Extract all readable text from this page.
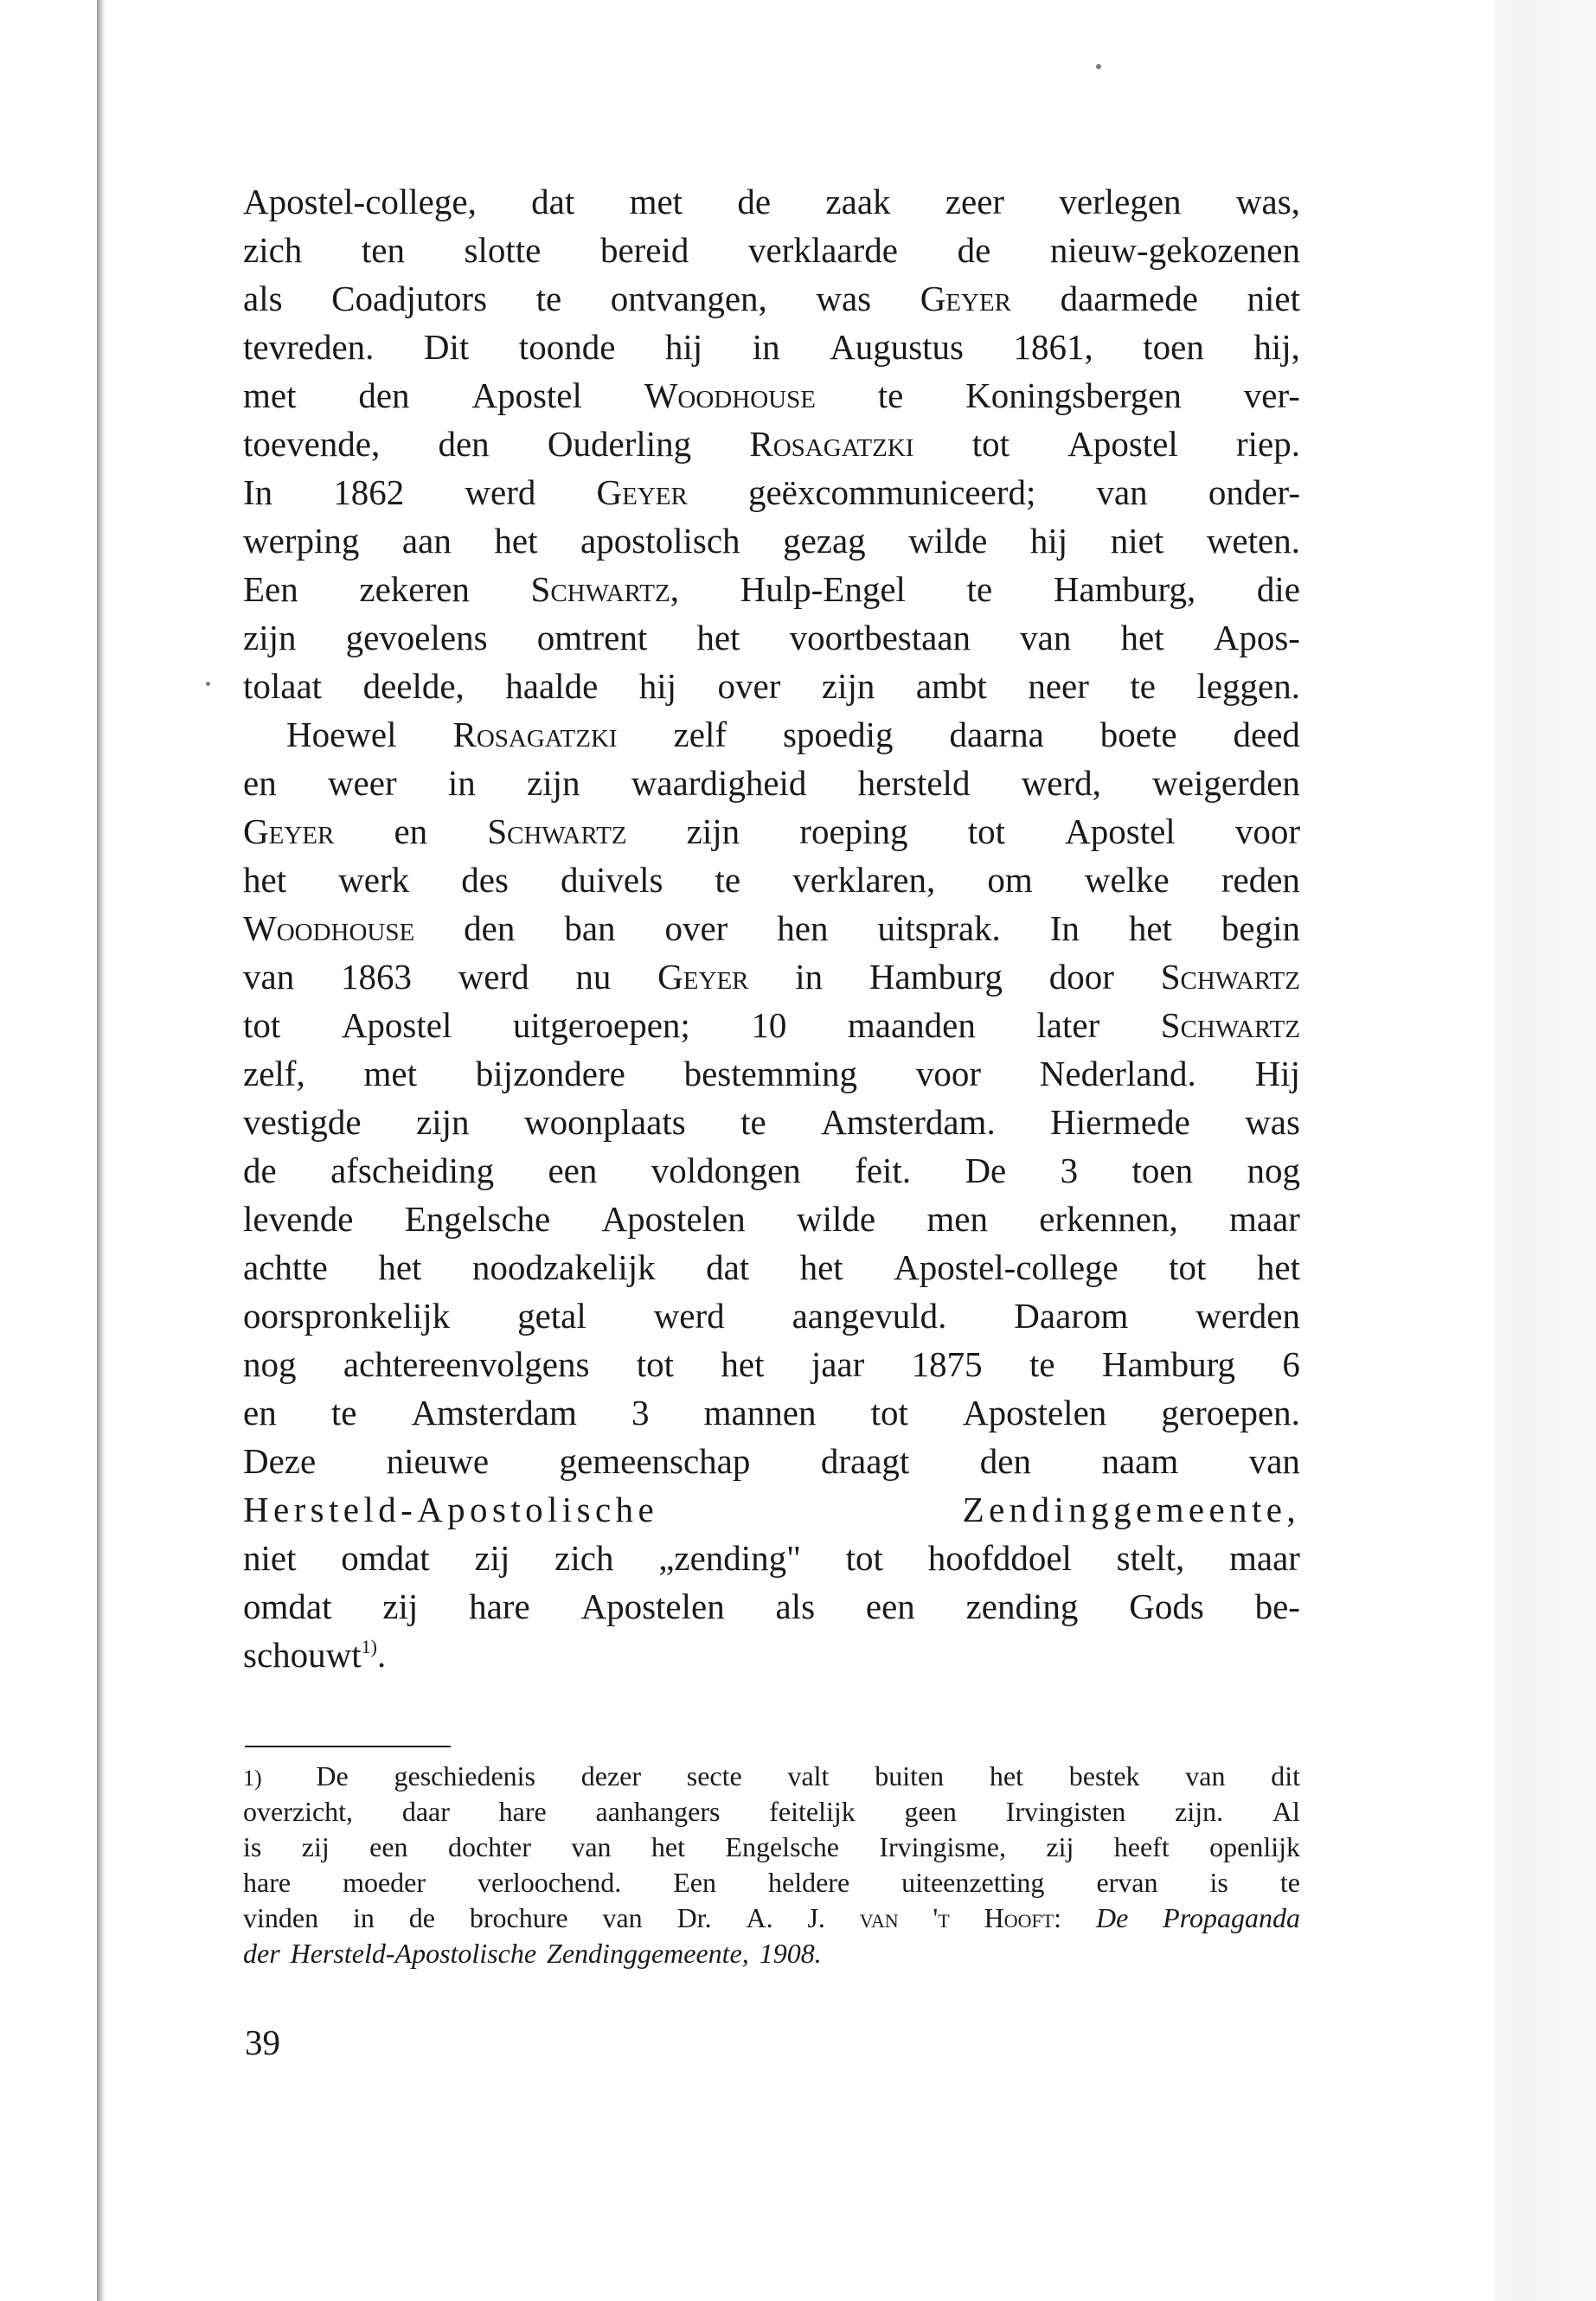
Apostel-college, dat met de zaak zeer verlegen was,
zich ten slotte bereid verklaarde de nieuw-gekozenen
als Coadjutors te ontvangen, was Geyer daarmede niet
tevreden. Dit toonde hij in Augustus 1861, toen hij,
met den Apostel Woodhouse te Koningsbergen ver-
toevende, den Ouderling Rosagatzki tot Apostel riep.
In 1862 werd Geyer geëxcommuniceerd; van onder-
werping aan het apostolisch gezag wilde hij niet weten.
Een zekeren Schwartz, Hulp-Engel te Hamburg, die
zijn gevoelens omtrent het voortbestaan van het Apos-
tolaat deelde, haalde hij over zijn ambt neer te leggen.
Hoewel Rosagatzki zelf spoedig daarna boete deed
en weer in zijn waardigheid hersteld werd, weigerden
Geyer en Schwartz zijn roeping tot Apostel voor
het werk des duivels te verklaren, om welke reden
Woodhouse den ban over hen uitsprak. In het begin
van 1863 werd nu Geyer in Hamburg door Schwartz
tot Apostel uitgeroepen; 10 maanden later Schwartz
zelf, met bijzondere bestemming voor Nederland. Hij
vestigde zijn woonplaats te Amsterdam. Hiermede was
de afscheiding een voldongen feit. De 3 toen nog
levende Engelsche Apostelen wilde men erkennen, maar
achtte het noodzakelijk dat het Apostel-college tot het
oorspronkelijk getal werd aangevuld. Daarom werden
nog achtereenvolgens tot het jaar 1875 te Hamburg 6
en te Amsterdam 3 mannen tot Apostelen geroepen.
Deze nieuwe gemeenschap draagt den naam van
Hersteld-Apostolische	Zendinggemeente,
niet omdat zij zich „zending" tot hoofddoel stelt, maar
omdat zij hare Apostelen als een zending Gods be-
schouwt$^{1)}$.
1) De geschiedenis dezer secte valt buiten het bestek van dit
overzicht, daar hare aanhangers feitelijk geen Irvingisten zijn. Al
is zij een dochter van het Engelsche Irvingisme, zij heeft openlijk
hare moeder verloochend. Een heldere uiteenzetting ervan is te
vinden in de brochure van Dr. A. J. van 't Hooft: De Propaganda
der Hersteld-Apostolische Zendinggemeente, 1908.
39
